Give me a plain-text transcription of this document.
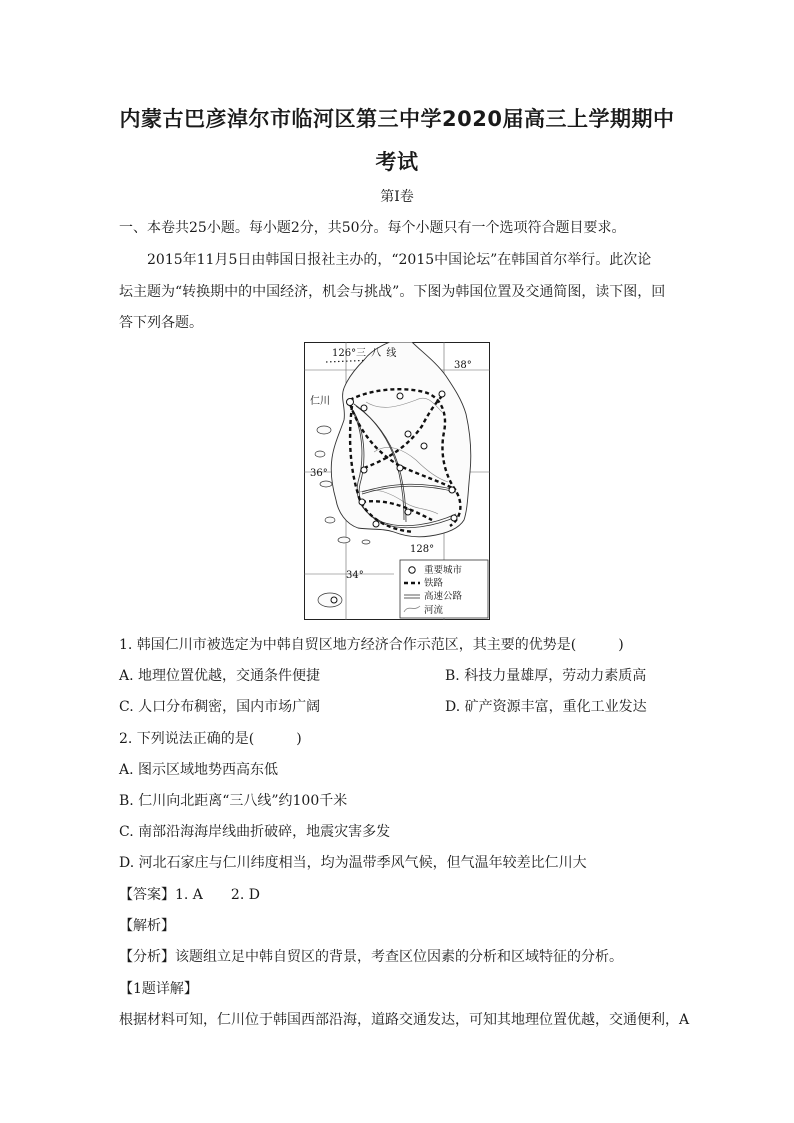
内蒙古巴彦淖尔市临河区第三中学2020届高三上学期期中
考试
第Ⅰ卷
一、本卷共25小题。每小题2分，共50分。每个小题只有一个选项符合题目要求。
2015年11月5日由韩国日报社主办的，“2015中国论坛”在韩国首尔举行。此次论
坛主题为“转换期中的中国经济，机会与挑战”。下图为韩国位置及交通简图，读下图，回
答下列各题。
126° 三 八 线
38°
仁川
36°
128°
34°	重要城市
铁路
高速公路
河流
1. 韩国仁川市被选定为中韩自贸区地方经济合作示范区，其主要的优势是(　　　)
A. 地理位置优越，交通条件便捷	B. 科技力量雄厚，劳动力素质高
C. 人口分布稠密，国内市场广阔	D. 矿产资源丰富，重化工业发达
2. 下列说法正确的是(　　　)
A. 图示区域地势西高东低
B. 仁川向北距离“三八线”约100千米
C. 南部沿海海岸线曲折破碎，地震灾害多发
D. 河北石家庄与仁川纬度相当，均为温带季风气候，但气温年较差比仁川大
【答案】1. A　　2. D
【解析】
【分析】该题组立足中韩自贸区的背景，考查区位因素的分析和区域特征的分析。
【1题详解】
根据材料可知，仁川位于韩国西部沿海，道路交通发达，可知其地理位置优越，交通便利，A
